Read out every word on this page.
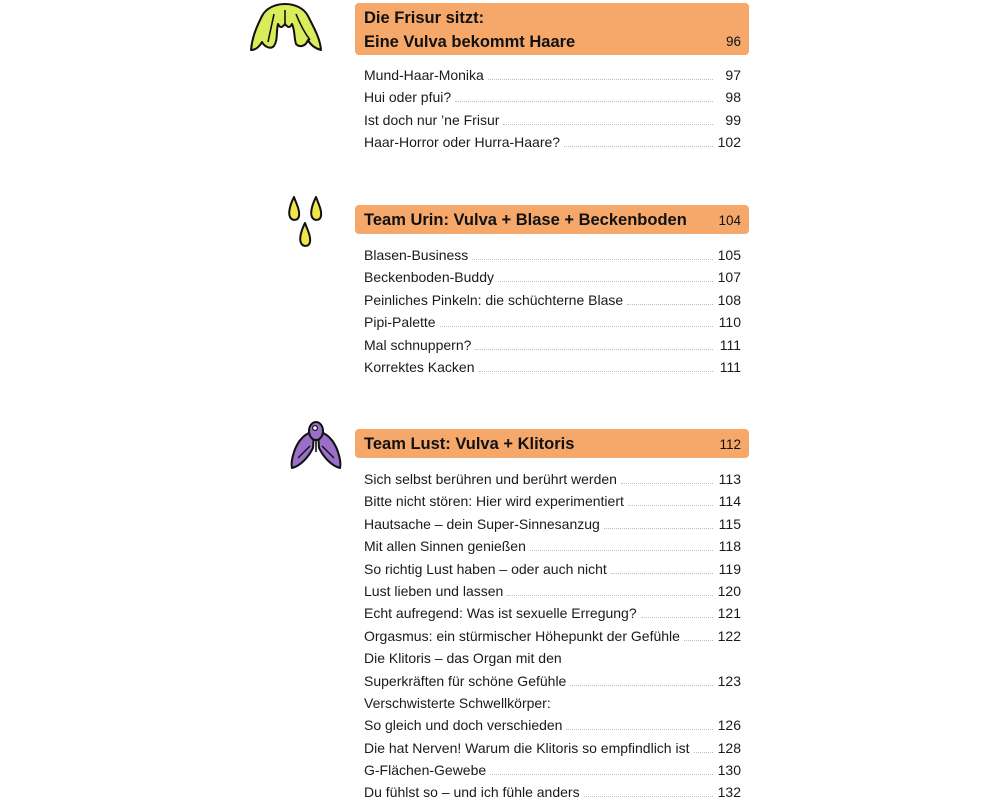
Die Frisur sitzt:
Eine Vulva bekommt Haare	96
Mund-Haar-Monika	97
Hui oder pfui?	98
Ist doch nur ’ne Frisur	99
Haar-Horror oder Hurra-Haare?	102
Team Urin: Vulva + Blase + Beckenboden	104
Blasen-Business	105
Beckenboden-Buddy	107
Peinliches Pinkeln: die schüchterne Blase	108
Pipi-Palette	110
Mal schnuppern?	111
Korrektes Kacken	111
Team Lust: Vulva + Klitoris	112
Sich selbst berühren und berührt werden	113
Bitte nicht stören: Hier wird experimentiert	114
Hautsache – dein Super-Sinnesanzug	115
Mit allen Sinnen genießen	118
So richtig Lust haben – oder auch nicht	119
Lust lieben und lassen	120
Echt aufregend: Was ist sexuelle Erregung?	121
Orgasmus: ein stürmischer Höhepunkt der Gefühle	122
Die Klitoris – das Organ mit den
Superkräften für schöne Gefühle	123
Verschwisterte Schwellkörper:
So gleich und doch verschieden	126
Die hat Nerven! Warum die Klitoris so empfindlich ist	128
G-Flächen-Gewebe	130
Du fühlst so – und ich fühle anders	132
